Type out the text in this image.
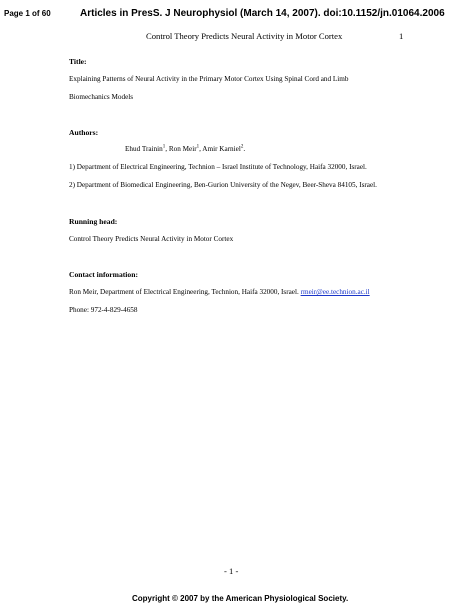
Page 1 of 60	Articles in PresS. J Neurophysiol (March 14, 2007). doi:10.1152/jn.01064.2006
Control Theory Predicts Neural Activity in Motor Cortex	1
Title:
Explaining Patterns of Neural Activity in the Primary Motor Cortex Using Spinal Cord and Limb
Biomechanics Models
Authors:
Ehud Trainin$^1$, Ron Meir$^1$, Amir Karniel$^2$.
1) Department of Electrical Engineering, Technion – Israel Institute of Technology, Haifa 32000, Israel.
2) Department of Biomedical Engineering, Ben-Gurion University of the Negev, Beer-Sheva 84105, Israel.
Running head:
Control Theory Predicts Neural Activity in Motor Cortex
Contact information:
Ron Meir, Department of Electrical Engineering, Technion, Haifa 32000, Israel. rmeir@ee.technion.ac.il
Phone: 972-4-829-4658
- 1 -
Copyright © 2007 by the American Physiological Society.
